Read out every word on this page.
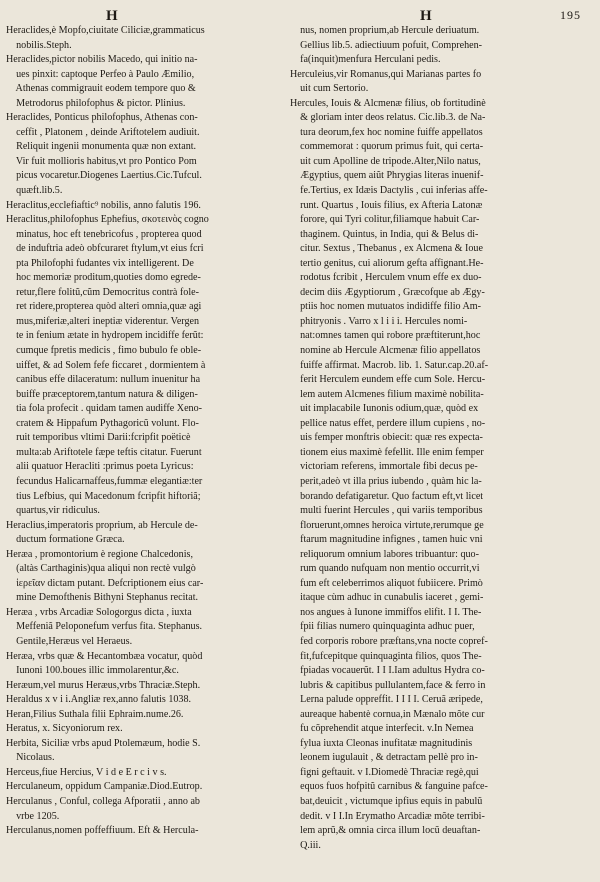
H	H	195
Heraclides,è Mopfo,ciuitate Ciliciæ,grammaticus
nobilis.Steph.
Heraclides,pictor nobilis Macedo, qui initio na-
ues pinxit: captoque Perfeo à Paulo Æmilio,
Athenas commigrauit eodem tempore quo &
Metrodorus philofophus & pictor. Plinius.
Heraclides, Ponticus philofophus, Athenas con-
ceffit , Platonem , deinde Ariftotelem audiuit.
Reliquit ingenii monumenta quæ non extant.
Vir fuit mollioris habitus,vt pro Pontico Pom
picus vocaretur.Diogenes Laertius.Cic.Tufcul.
quæft.lib.5.
Heraclitus,ecclefiaftic⁹ nobilis, anno falutis 196.
Heraclitus,philofophus Ephefius, σκοτεινὸς cogno
minatus, hoc eft tenebricofus , propterea quod
de induftria adeò obfcuraret ftylum,vt eius fcri
pta Philofophi fudantes vix intelligerent. De
hoc memoriæ proditum,quoties domo egrede-
retur,flere folitũ,cũm Democritus contrà fole-
ret ridere,propterea quòd alteri omnia,quæ agi
mus,miferiæ,alteri ineptiæ viderentur. Vergen
te in fenium ætate in hydropem incidiffe ferũt:
cumque fpretis medicis , fimo bubulo fe oble-
uiffet, & ad Solem fefe ficcaret , dormientem à
canibus effe dilaceratum: nullum inuenitur ha
buiffe præceptorem,tantum natura & diligen-
tia fola profecit . quidam tamen audiffe Xeno-
cratem & Hippafum Pythagoricũ volunt. Flo-
ruit temporibus vltimi Darii:fcripfit poëticè
multa:ab Ariftotele fæpe teftis citatur. Fuerunt
alii quatuor Heracliti :primus poeta Lyricus:
fecundus Halicarnaffeus,fummæ elegantiæ:ter
tius Lefbius, qui Macedonum fcripfit hiftoriã;
quartus,vir ridiculus.
Heraclius,imperatoris proprium, ab Hercule de-
ductum formatione Græca.
Heræa , promontorium è regione Chalcedonis,
(altàs Carthaginis)qua aliqui non rectè vulgò
ἱερεῖαν dictam putant. Defcriptionem eius car-
mine Demofthenis Bithyni Stephanus recitat.
Heræa , vrbs Arcadiæ Sologorgus dicta , iuxta
Meffeniã Peloponefum verfus fita. Stephanus.
Gentile,Heræus vel Heraeus.
Heræa, vrbs quæ & Hecantombæa vocatur, quòd
Iunoni 100.boues illic immolarentur,&c.
Heræum,vel murus Heræus,vrbs Thraciæ.Steph.
Heraldus x v i i.Angliæ rex,anno falutis 1038.
Heran,Filius Suthala filii Ephraim.nume.26.
Heratus, x. Sicyoniorum rex.
Herbita, Siciliæ vrbs apud Ptolemæum, hodie S.
Nicolaus.
Herceus,fiue Hercius, V i d e E r c i v s.
Herculaneum, oppidum Campaniæ.Diod.Eutrop.
Herculanus , Conful, collega Afporatii , anno ab
vrbe 1205.
Herculanus,nomen poffeffiuum. Eft & Hercula-
nus, nomen proprium,ab Hercule deriuatum.
Gellius lib.5. adiectiuum pofuit, Comprehen-
fa(inquit)menfura Herculani pedis.
Herculeius,vir Romanus,qui Marianas partes fo
uit cum Sertorio.
Hercules, Iouis & Alcmenæ filius, ob fortitudinè
& gloriam inter deos relatus. Cic.lib.3. de Na-
tura deorum,fex hoc nomine fuiffe appellatos
commemorat : quorum primus fuit, qui certa-
uit cum Apolline de tripode.Alter,Nilo natus,
Ægyptius, quem aiũt Phrygias literas inuenif-
fe.Tertius, ex Idæis Dactylis , cui inferias affe-
runt. Quartus , Iouis filius, ex Afteria Latonæ
forore, qui Tyri colitur,filiamque habuit Car-
thaginem. Quintus, in India, qui & Belus di-
citur. Sextus , Thebanus , ex Alcmena & Ioue
tertio genitus, cui aliorum gefta affignant.He-
rodotus fcribit , Herculem vnum effe ex duo-
decim diis Ægyptiorum , Græcofque ab Ægy-
ptiis hoc nomen mutuatos indidiffe filio Am-
phitryonis . Varro x l i i i. Hercules nomi-
nat:omnes tamen qui robore præftiterunt,hoc
nomine ab Hercule Alcmenæ filio appellatos
fuiffe affirmat. Macrob. lib. 1. Satur.cap.20.af-
ferit Herculem eundem effe cum Sole. Hercu-
lem autem Alcmenes filium maximè nobilita-
uit implacabile Iunonis odium,quæ, quòd ex
pellice natus effet, perdere illum cupiens , no-
uis femper monftris obiecit: quæ res expecta-
tionem eius maximè fefellit. Ille enim femper
victoriam referens, immortale fibi decus pe-
perit,adeò vt illa prius iubendo , quàm hic la-
borando defatigaretur. Quo factum eft,vt licet
multi fuerint Hercules , qui variis temporibus
floruerunt,omnes heroica virtute,rerumque ge
ftarum magnitudine infignes , tamen huic vni
reliquorum omnium labores tribuantur: quo-
rum quando nufquam non mentio occurrit,vi
fum eft celeberrimos aliquot fubiicere. Primò
itaque cùm adhuc in cunabulis iaceret , gemi-
nos angues à Iunone immiffos elifit. I I. The-
fpii filias numero quinquaginta adhuc puer,
fed corporis robore præftans,vna nocte copref-
fit,fufcepitque quinquaginta filios, quos The-
fpiadas vocauerũt. I I I.Iam adultus Hydra co-
lubris & capitibus pullulantem,face & ferro in
Lerna palude oppreffit. I I I I. Ceruã æripede,
aureaque habentè cornua,in Mænalo mõte cur
fu cõprehendit atque interfecit. v.In Nemea
fylua iuxta Cleonas inufitatæ magnitudinis
leonem iugulauit , & detractam pellè pro in-
figni geftauit. v I.Diomedè Thraciæ regè,qui
equos fuos hofpitũ carnibus & fanguine pafce-
bat,deuicit , victumque ipfius equis in pabulũ
dedit. v I I.In Erymatho Arcadiæ mõte terribi-
lem aprũ,& omnia circa illum locũ deuaftan-
Q.iii.
